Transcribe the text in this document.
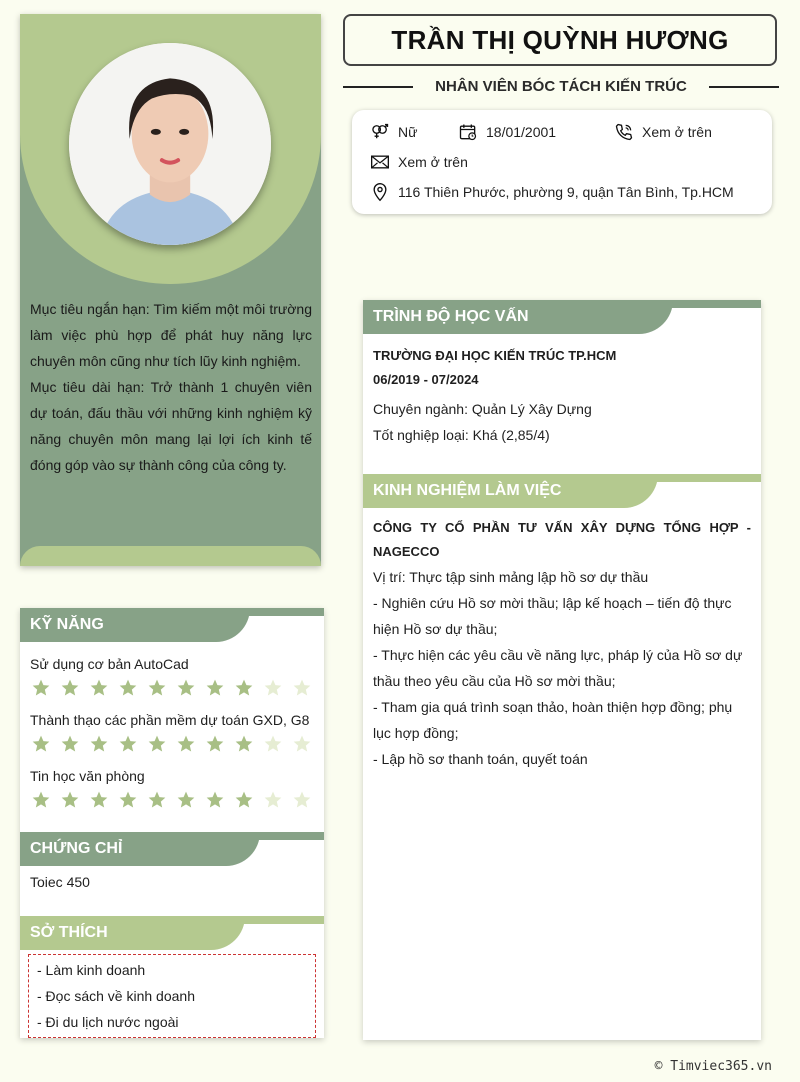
Mục tiêu ngắn hạn: Tìm kiếm một môi trường làm việc phù hợp để phát huy năng lực chuyên môn cũng như tích lũy kinh nghiệm.

Mục tiêu dài hạn: Trở thành 1 chuyên viên dự toán, đấu thầu với những kinh nghiệm kỹ năng chuyên môn mang lại lợi ích kinh tế đóng góp vào sự thành công của công ty.

KỸ NĂNG
Sử dụng cơ bản AutoCad
Thành thạo các phần mềm dự toán GXD, G8
Tin học văn phòng
CHỨNG CHỈ
Toiec 450
SỞ THÍCH
- Làm kinh doanh
- Đọc sách về kinh doanh
- Đi du lịch nước ngoài
TRẦN THỊ QUỲNH HƯƠNG
NHÂN VIÊN BÓC TÁCH KIẾN TRÚC
Nữ	18/01/2001	Xem ở trên
Xem ở trên
116 Thiên Phước, phường 9, quận Tân Bình, Tp.HCM
TRÌNH ĐỘ HỌC VẤN
TRƯỜNG ĐẠI HỌC KIẾN TRÚC TP.HCM
06/2019 - 07/2024
Chuyên ngành: Quản Lý Xây Dựng
Tốt nghiệp loại: Khá (2,85/4)
KINH NGHIỆM LÀM VIỆC
CÔNG TY CỔ PHẦN TƯ VẤN XÂY DỰNG TỔNG HỢP - NAGECCO
Vị trí: Thực tập sinh mảng lập hồ sơ dự thầu
- Nghiên cứu Hồ sơ mời thầu; lập kế hoạch – tiến độ thực hiện Hồ sơ dự thầu;
- Thực hiện các yêu cầu về năng lực, pháp lý của Hồ sơ dự thầu theo yêu cầu của Hồ sơ mời thầu;
- Tham gia quá trình soạn thảo, hoàn thiện hợp đồng; phụ lục hợp đồng;
- Lập hồ sơ thanh toán, quyết toán
© Timviec365.vn
